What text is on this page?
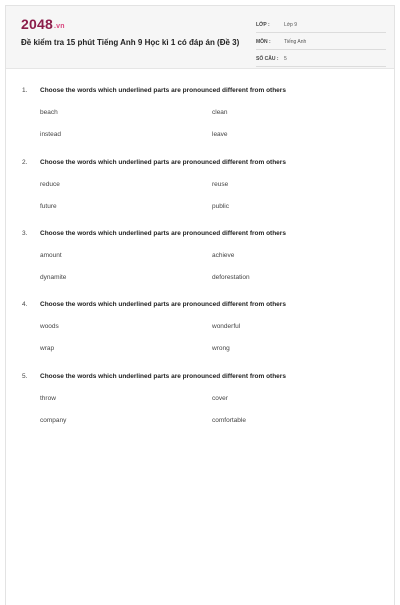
2048.vn
Đề kiểm tra 15 phút Tiếng Anh 9 Học kì 1 có đáp án (Đề 3)
LỚP :	Lớp 9
MÔN :	Tiếng Anh
SỐ CÂU :	5
1.	Choose the words which underlined parts are pronounced different from others
beach	clean
instead	leave
2.	Choose the words which underlined parts are pronounced different from others
reduce	reuse
future	public
3.	Choose the words which underlined parts are pronounced different from others
amount	achieve
dynamite	deforestation
4.	Choose the words which underlined parts are pronounced different from others
woods	wonderful
wrap	wrong
5.	Choose the words which underlined parts are pronounced different from others
throw	cover
company	comfortable
